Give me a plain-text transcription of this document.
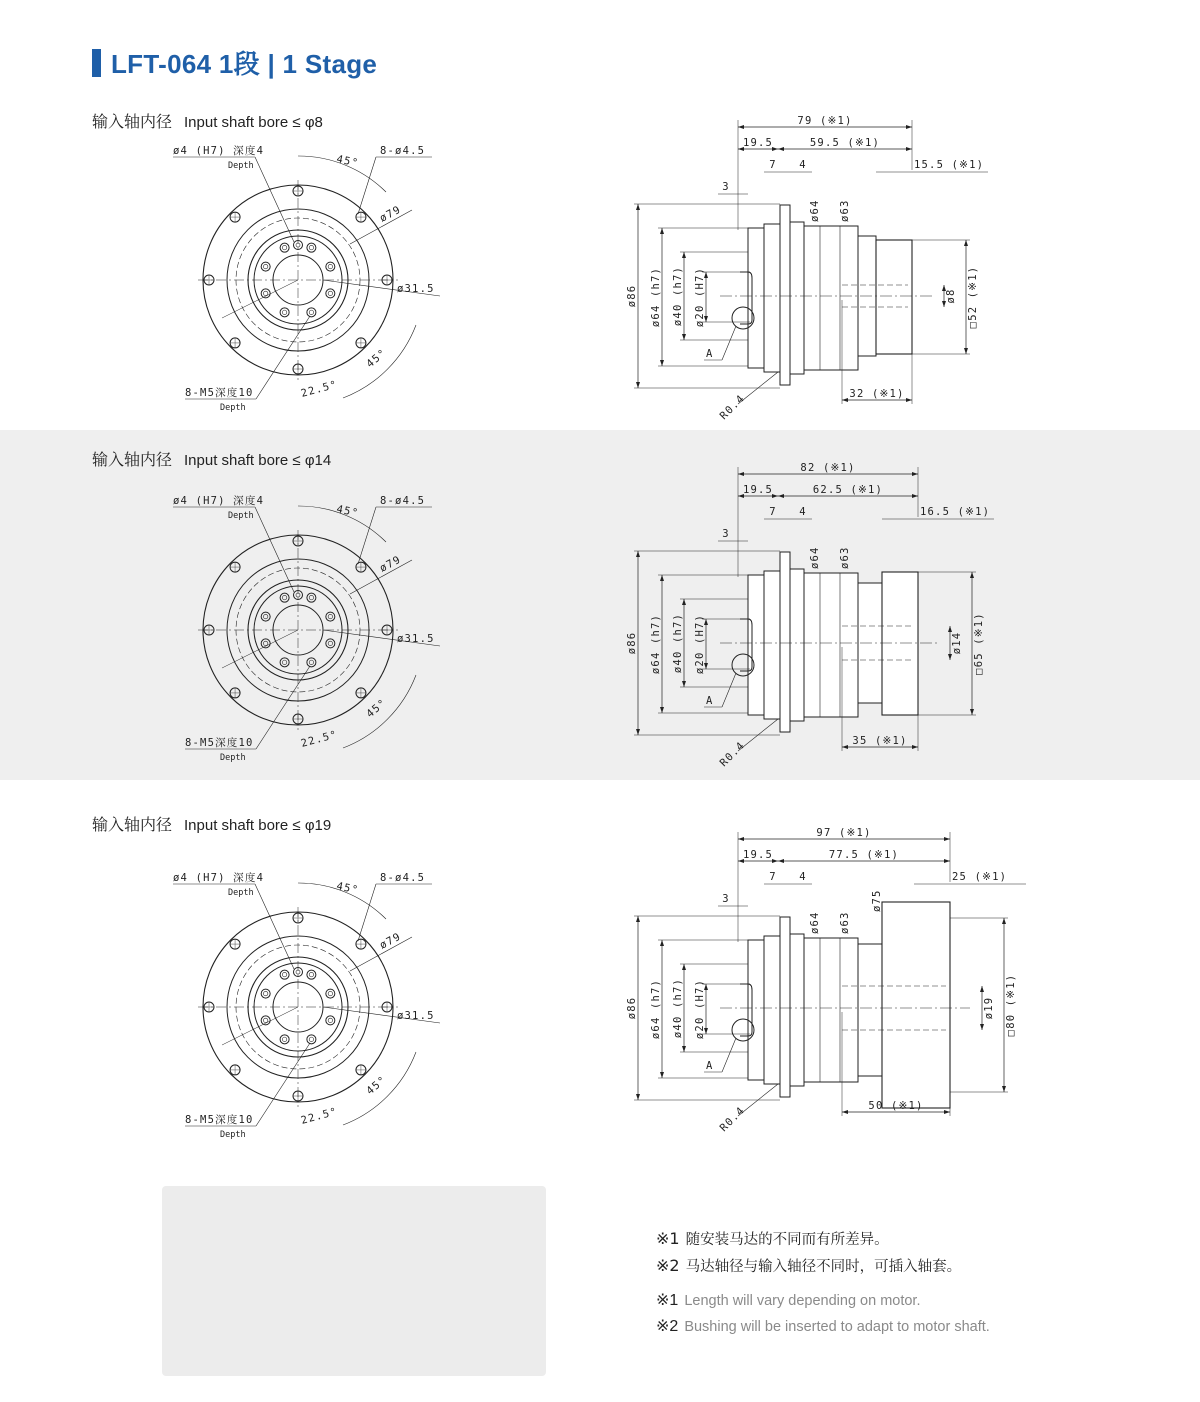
LFT-064 1段 | 1 Stage
输入轴内径 Input shaft bore ≤ φ8
输入轴内径 Input shaft bore ≤ φ14
输入轴内径 Input shaft bore ≤ φ19
ø4 (H7) 深度4
Depth
8-ø4.5
45°
ø79
ø31.5
8-M5深度10
Depth
22.5°
45°
ø4 (H7) 深度4
Depth
8-ø4.5
45°
ø79
ø31.5
8-M5深度10
Depth
22.5°
45°
ø4 (H7) 深度4
Depth
8-ø4.5
45°
ø79
ø31.5
8-M5深度10
Depth
22.5°
45°
79 (※1)
19.5	59.5 (※1)
7 4	15.5 (※1)
3
ø86 ø64 (h7) ø40 (h7) ø20 (H7)
A
ø64 ø63
R0.4
□52 (※1)
ø8
32 (※1)
82 (※1)
19.5	62.5 (※1)
7 4	16.5 (※1)
3
ø86 ø64 (h7) ø40 (h7) ø20 (H7)
A
ø64 ø63
R0.4
□65 (※1)
ø14
35 (※1)
97 (※1)
19.5	77.5 (※1)
7 4	25 (※1)
3	ø75
ø86 ø64 (h7) ø40 (h7) ø20 (H7)
A
ø64 ø63
R0.4
□80 (※1)
ø19
50 (※1)
※1 随安装马达的不同而有所差异。
※2 马达轴径与输入轴径不同时，可插入轴套。
※1 Length will vary depending on motor.
※2 Bushing will be inserted to adapt to motor shaft.
